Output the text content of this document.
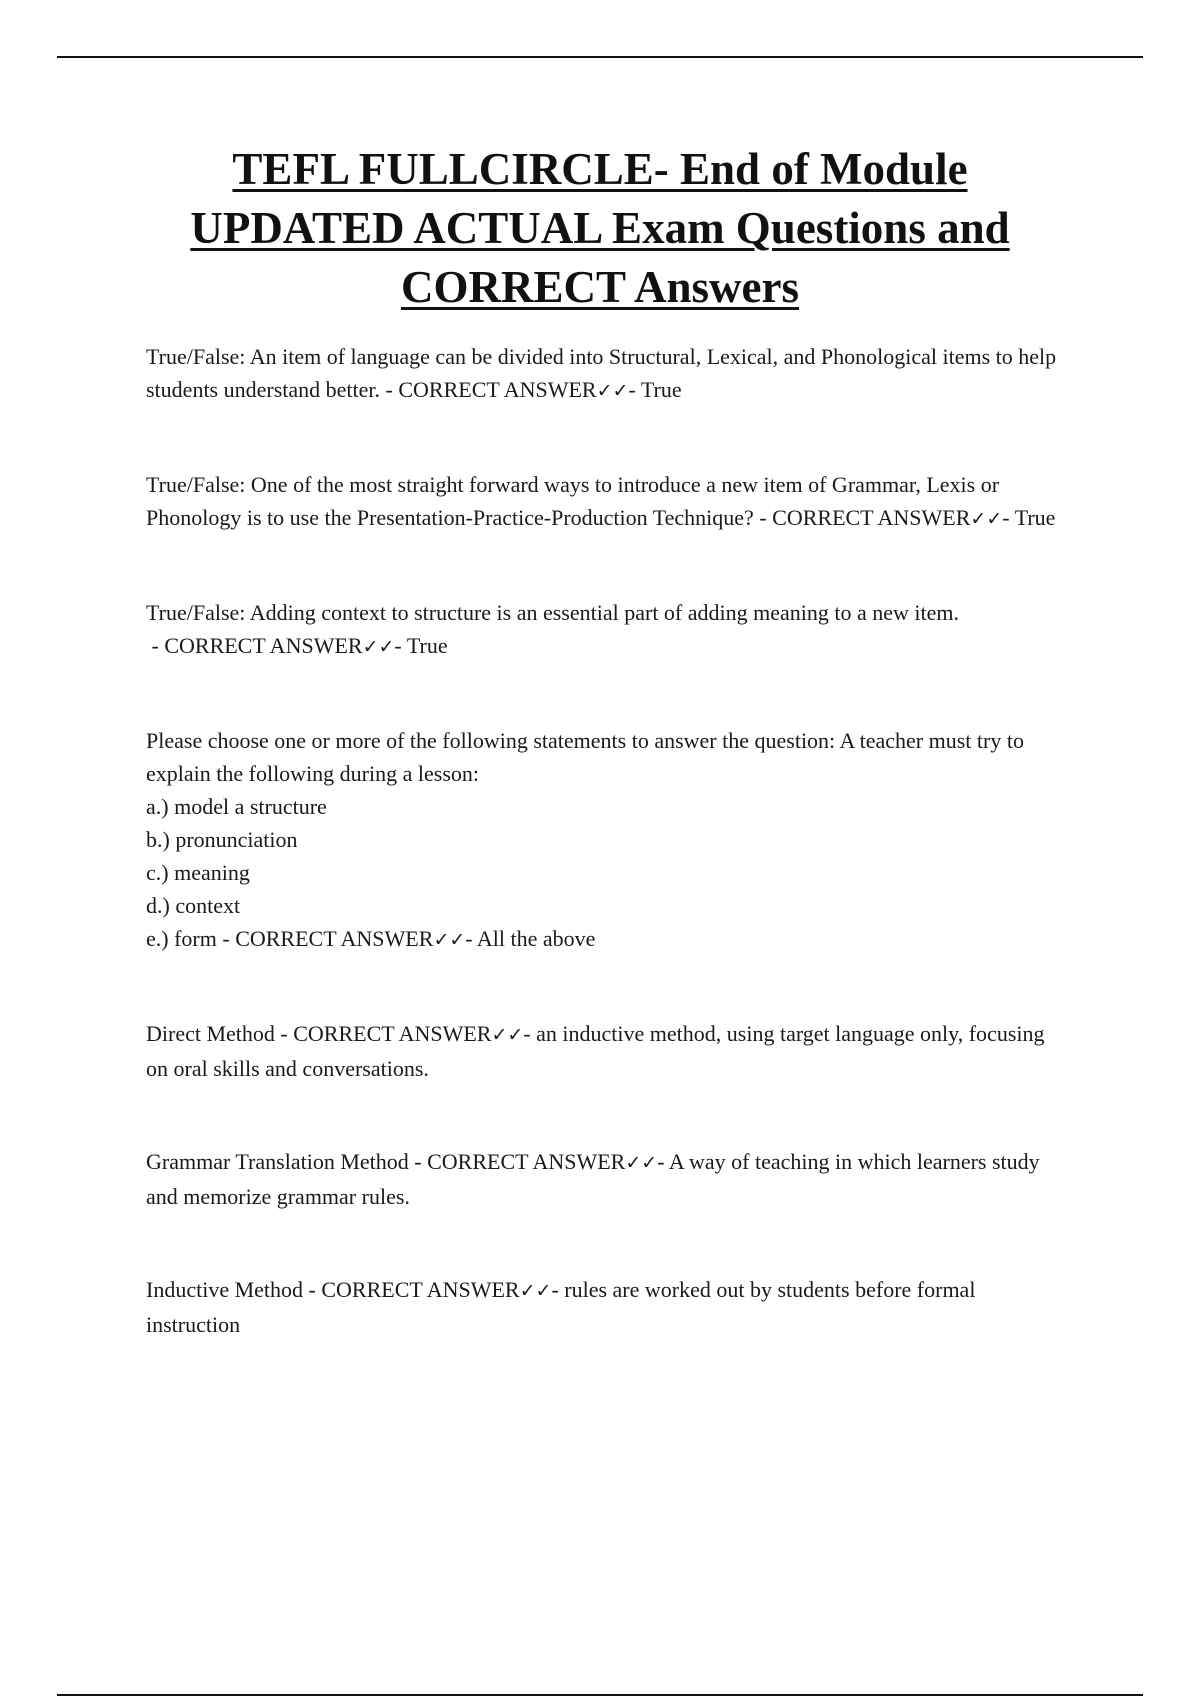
TEFL FULLCIRCLE- End of Module
UPDATED ACTUAL Exam Questions and
CORRECT Answers

True/False: An item of language can be divided into Structural, Lexical, and Phonological items to help students understand better. - CORRECT ANSWER✓✓- True

True/False: One of the most straight forward ways to introduce a new item of Grammar, Lexis or Phonology is to use the Presentation-Practice-Production Technique? - CORRECT ANSWER✓✓- True

True/False: Adding context to structure is an essential part of adding meaning to a new item. - CORRECT ANSWER✓✓- True

Please choose one or more of the following statements to answer the question: A teacher must try to explain the following during a lesson:

a.) model a structure

b.) pronunciation

c.) meaning

d.) context

e.) form - CORRECT ANSWER✓✓- All the above

Direct Method - CORRECT ANSWER✓✓- an inductive method, using target language only, focusing on oral skills and conversations.

Grammar Translation Method - CORRECT ANSWER✓✓- A way of teaching in which learners study and memorize grammar rules.

Inductive Method - CORRECT ANSWER✓✓- rules are worked out by students before formal instruction
